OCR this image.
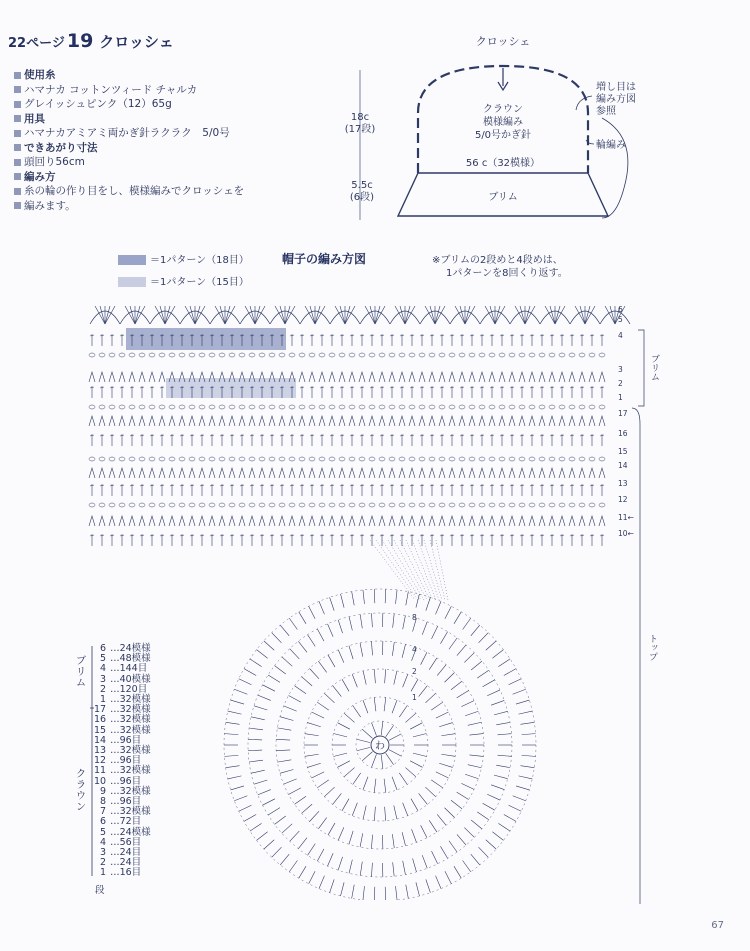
22ページ 19 クロッシェ
使用糸
ハマナカ コットンツィード チャルカ
グレイッシュピンク（12）65g
用具
ハマナカアミアミ両かぎ針ラクラク　5/0号
できあがり寸法
頭回り56cm
編み方
糸の輪の作り目をし、模様編みでクロッシェを
編みます。
クロッシェ
18c
(17段)
5.5c
(6段)
クラウン
模様編み
5/0号かぎ針
56 c（32模様）
ブリム
増し目は
編み方図
参照
輪編み
＝1パターン（18目）
＝1パターン（15目）
帽子の編み方図	※ブリムの2段めと4段めは、
1パターンを8回くり返す。
6
5
4
3
2
1
17
16
15
14
13
12
11←
10←
ブリム
わ
8
4
2
1
ブリム
クラウン
6	…24模様
5	…48模様
4	…144目
3	…40模様
2	…120目
1	…32模様
17	…32模様
16	…32模様
15	…32模様
14	…96目
13	…32模様
12	…96目
11	…32模様
10	…96目
9	…32模様
8	…96目
7	…32模様
6	…72目
5	…24模様
4	…56目
3	…24目
2	…24目
1	…16目
段
67
トップ
